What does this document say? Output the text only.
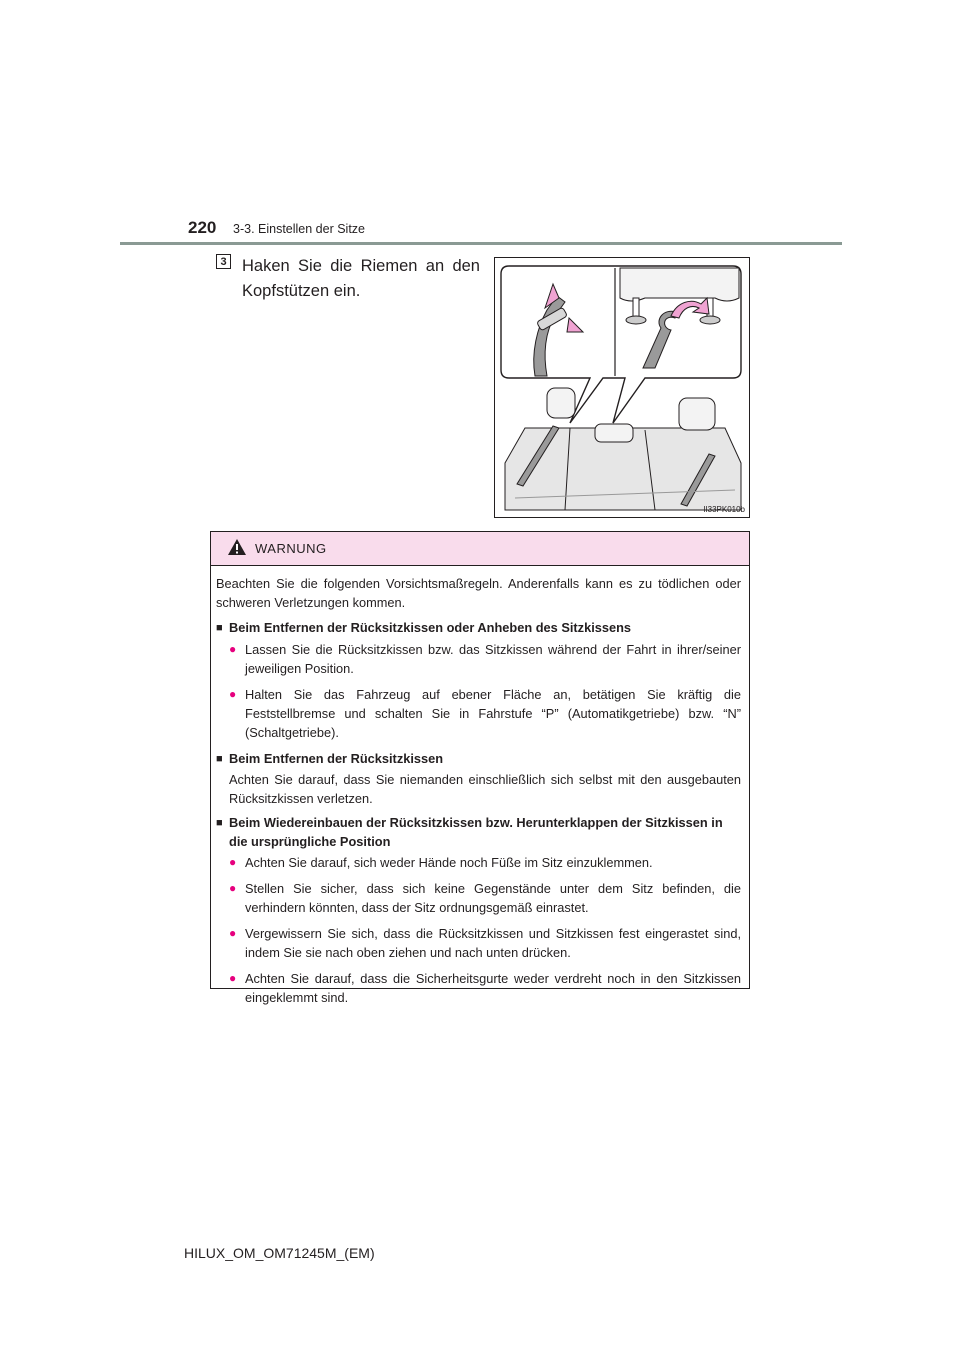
220 3-3. Einstellen der Sitze
3 Haken Sie die Riemen an den Kopfstützen ein.
II33PK010b
WARNUNG

Beachten Sie die folgenden Vorsichtsmaßregeln. Anderenfalls kann es zu tödlichen oder schweren Verletzungen kommen.

■ Beim Entfernen der Rücksitzkissen oder Anheben des Sitzkissens
● Lassen Sie die Rücksitzkissen bzw. das Sitzkissen während der Fahrt in ihrer/seiner jeweiligen Position.
● Halten Sie das Fahrzeug auf ebener Fläche an, betätigen Sie kräftig die Feststellbremse und schalten Sie in Fahrstufe “P” (Automatikgetriebe) bzw. “N” (Schaltgetriebe).
■ Beim Entfernen der Rücksitzkissen

Achten Sie darauf, dass Sie niemanden einschließlich sich selbst mit den ausgebauten Rücksitzkissen verletzen.

■ Beim Wiedereinbauen der Rücksitzkissen bzw. Herunterklappen der Sitzkissen in die ursprüngliche Position
● Achten Sie darauf, sich weder Hände noch Füße im Sitz einzuklemmen.
● Stellen Sie sicher, dass sich keine Gegenstände unter dem Sitz befinden, die verhindern könnten, dass der Sitz ordnungsgemäß einrastet.
● Vergewissern Sie sich, dass die Rücksitzkissen und Sitzkissen fest eingerastet sind, indem Sie sie nach oben ziehen und nach unten drücken.
● Achten Sie darauf, dass die Sicherheitsgurte weder verdreht noch in den Sitzkissen eingeklemmt sind.
HILUX_OM_OM71245M_(EM)
